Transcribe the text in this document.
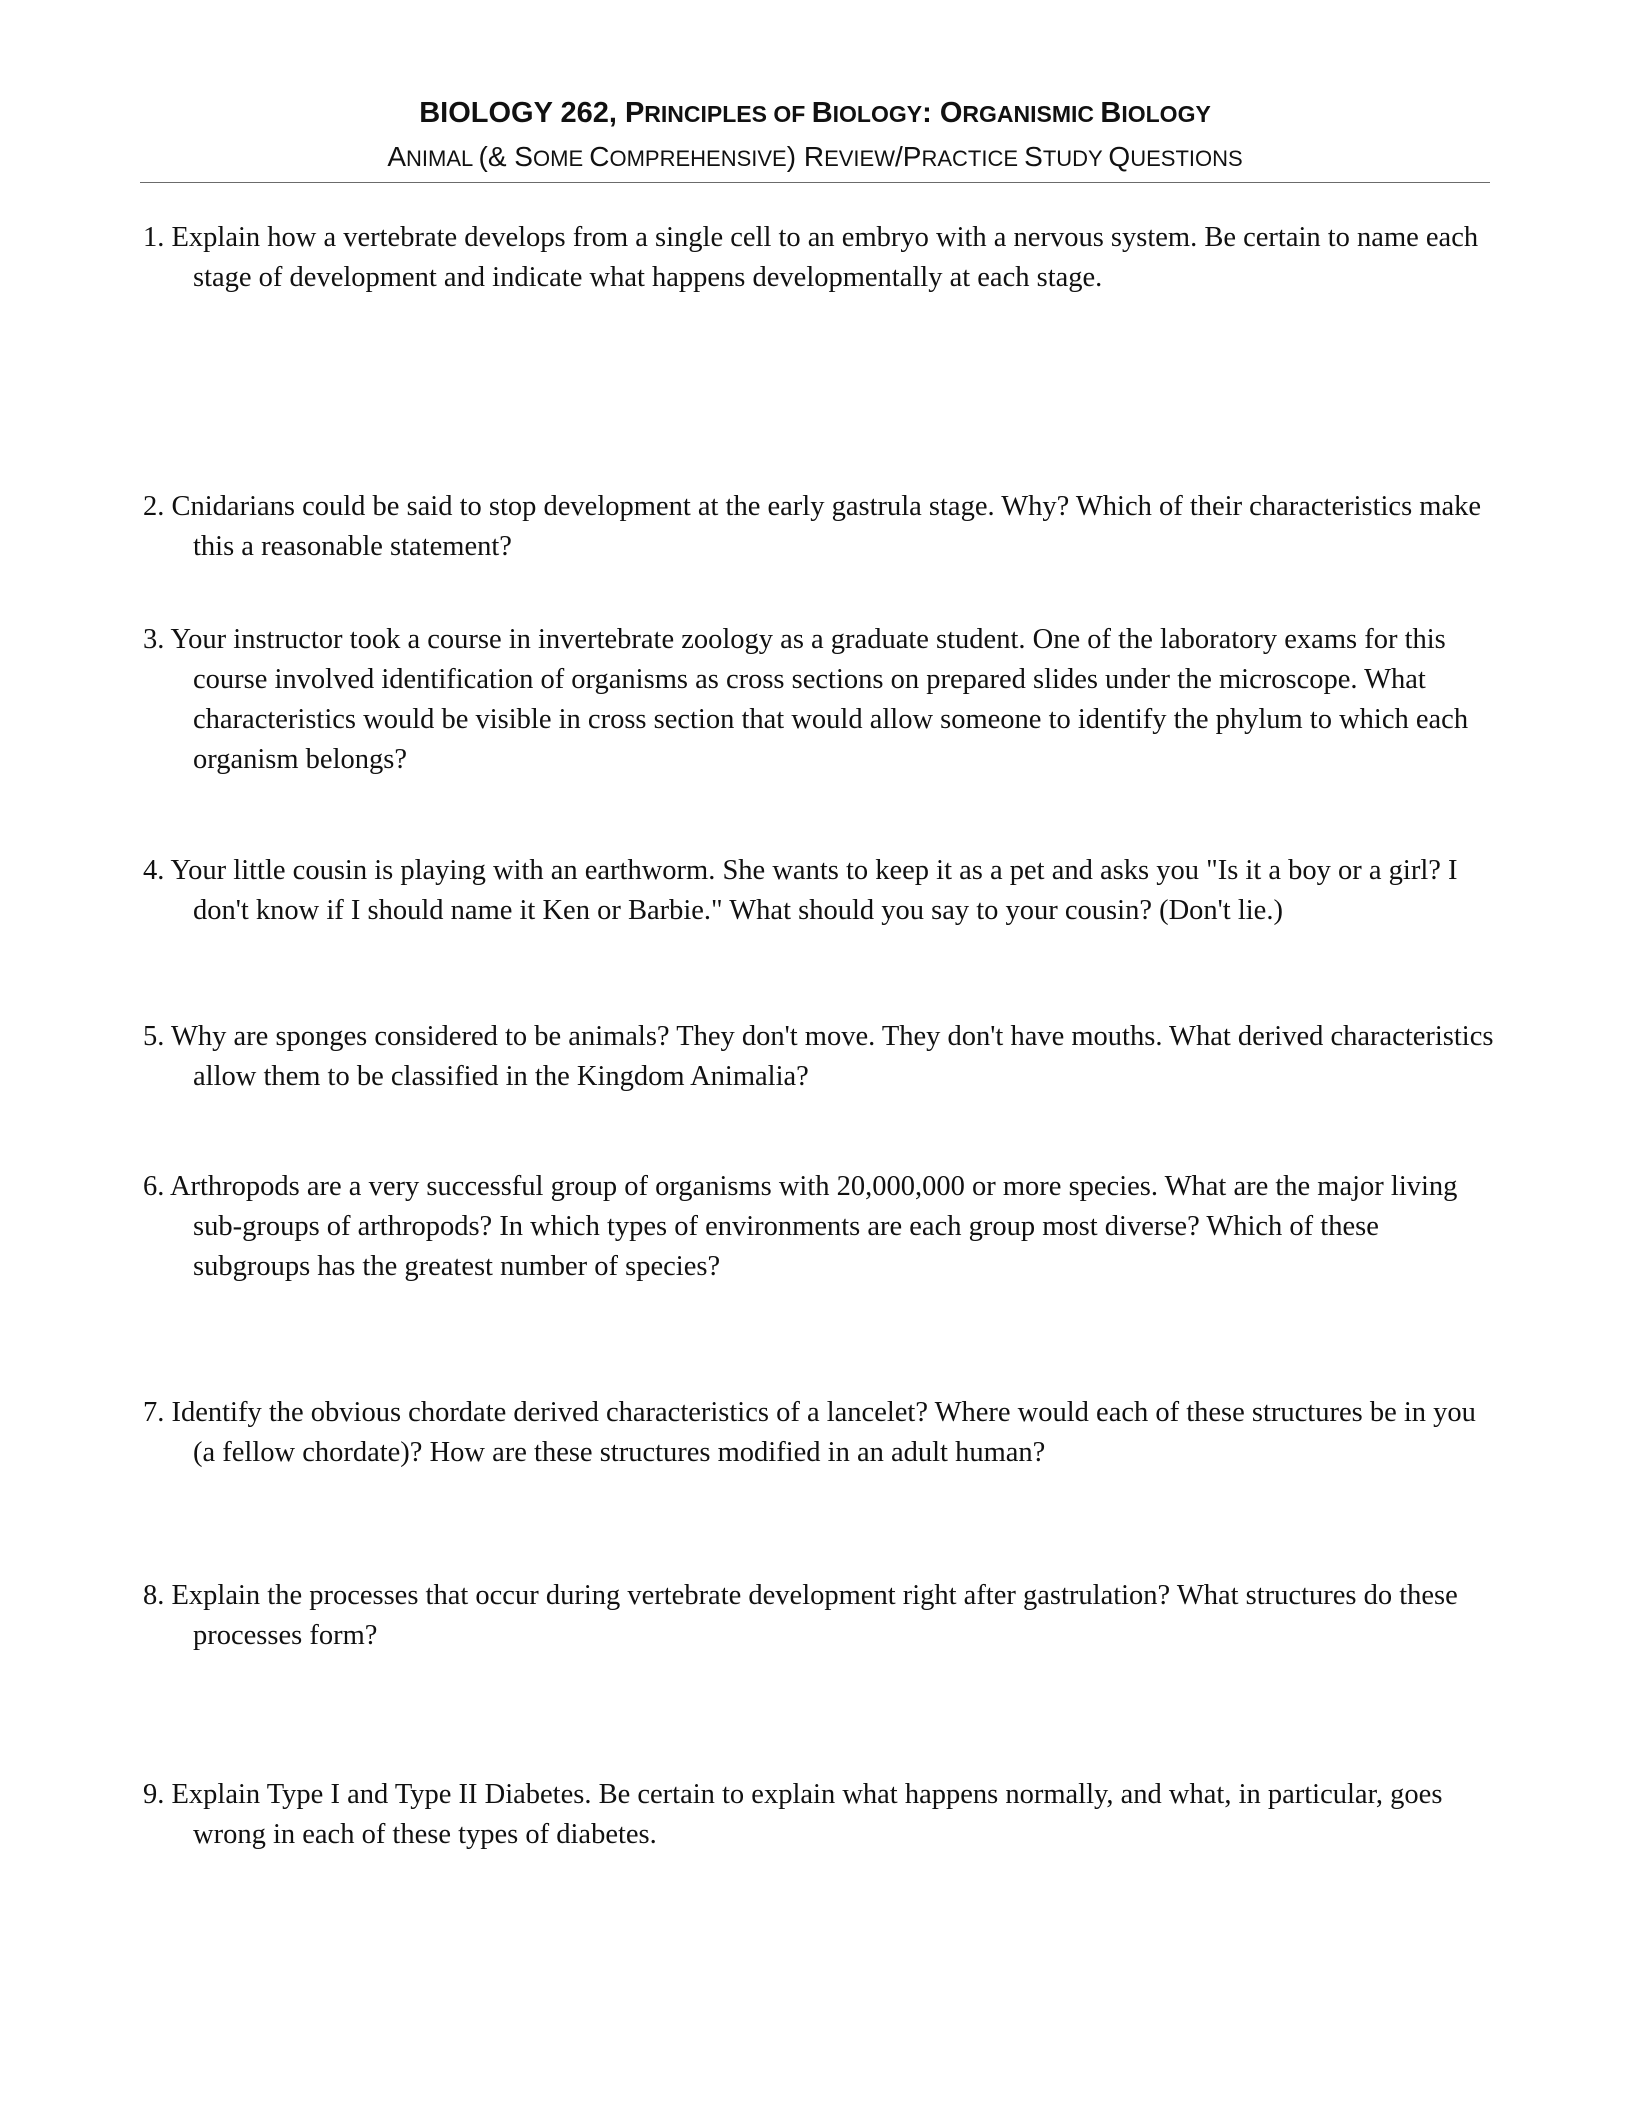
BIOLOGY 262, PRINCIPLES OF BIOLOGY: ORGANISMIC BIOLOGY
ANIMAL (& SOME COMPREHENSIVE) REVIEW/PRACTICE STUDY QUESTIONS
1. Explain how a vertebrate develops from a single cell to an embryo with a nervous system. Be certain to name each stage of development and indicate what happens developmentally at each stage.
2. Cnidarians could be said to stop development at the early gastrula stage. Why? Which of their characteristics make this a reasonable statement?
3. Your instructor took a course in invertebrate zoology as a graduate student. One of the laboratory exams for this course involved identification of organisms as cross sections on prepared slides under the microscope. What characteristics would be visible in cross section that would allow someone to identify the phylum to which each organism belongs?
4. Your little cousin is playing with an earthworm. She wants to keep it as a pet and asks you "Is it a boy or a girl? I don't know if I should name it Ken or Barbie." What should you say to your cousin? (Don't lie.)
5. Why are sponges considered to be animals? They don't move. They don't have mouths. What derived characteristics allow them to be classified in the Kingdom Animalia?
6. Arthropods are a very successful group of organisms with 20,000,000 or more species. What are the major living sub-groups of arthropods? In which types of environments are each group most diverse? Which of these subgroups has the greatest number of species?
7. Identify the obvious chordate derived characteristics of a lancelet? Where would each of these structures be in you (a fellow chordate)? How are these structures modified in an adult human?
8. Explain the processes that occur during vertebrate development right after gastrulation? What structures do these processes form?
9. Explain Type I and Type II Diabetes. Be certain to explain what happens normally, and what, in particular, goes wrong in each of these types of diabetes.
